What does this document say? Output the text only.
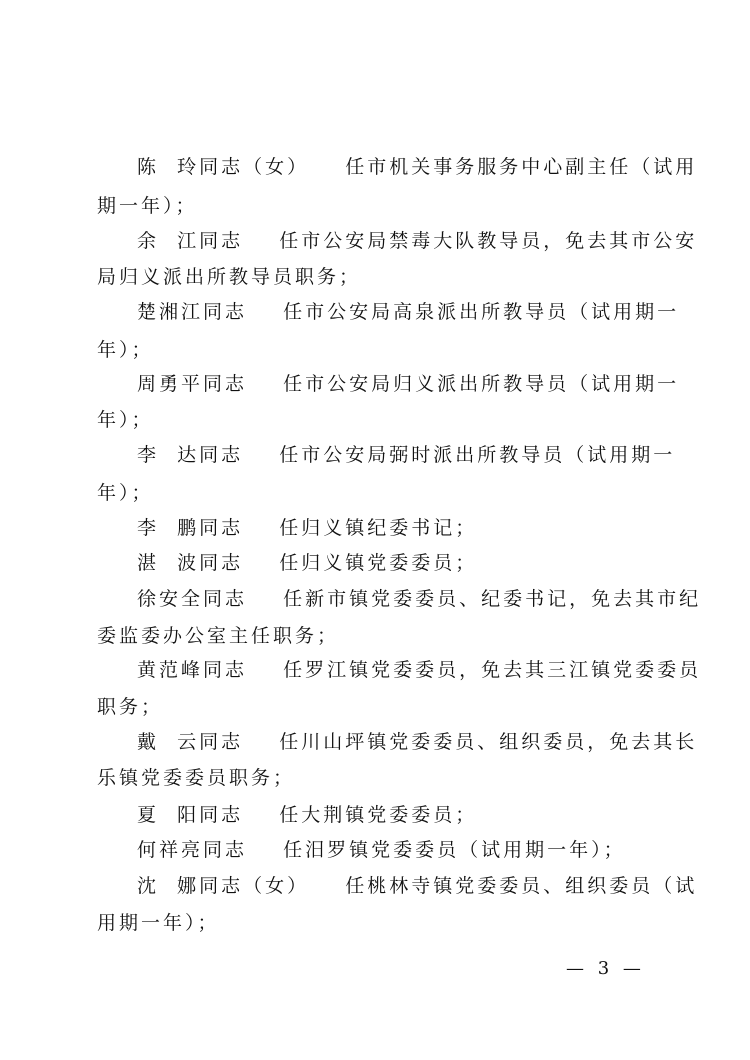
陈  玲同志（女）    任市机关事务服务中心副主任（试用
期一年）；
余  江同志    任市公安局禁毒大队教导员，免去其市公安
局归义派出所教导员职务；
楚湘江同志    任市公安局高泉派出所教导员（试用期一
年）；
周勇平同志    任市公安局归义派出所教导员（试用期一
年）；
李  达同志    任市公安局弼时派出所教导员（试用期一
年）；
李  鹏同志    任归义镇纪委书记；
湛  波同志    任归义镇党委委员；
徐安全同志    任新市镇党委委员、纪委书记，免去其市纪
委监委办公室主任职务；
黄范峰同志    任罗江镇党委委员，免去其三江镇党委委员
职务；
戴  云同志    任川山坪镇党委委员、组织委员，免去其长
乐镇党委委员职务；
夏  阳同志    任大荆镇党委委员；
何祥亮同志    任汨罗镇党委委员（试用期一年）；
沈  娜同志（女）    任桃林寺镇党委委员、组织委员（试
用期一年）；
— 3 —
